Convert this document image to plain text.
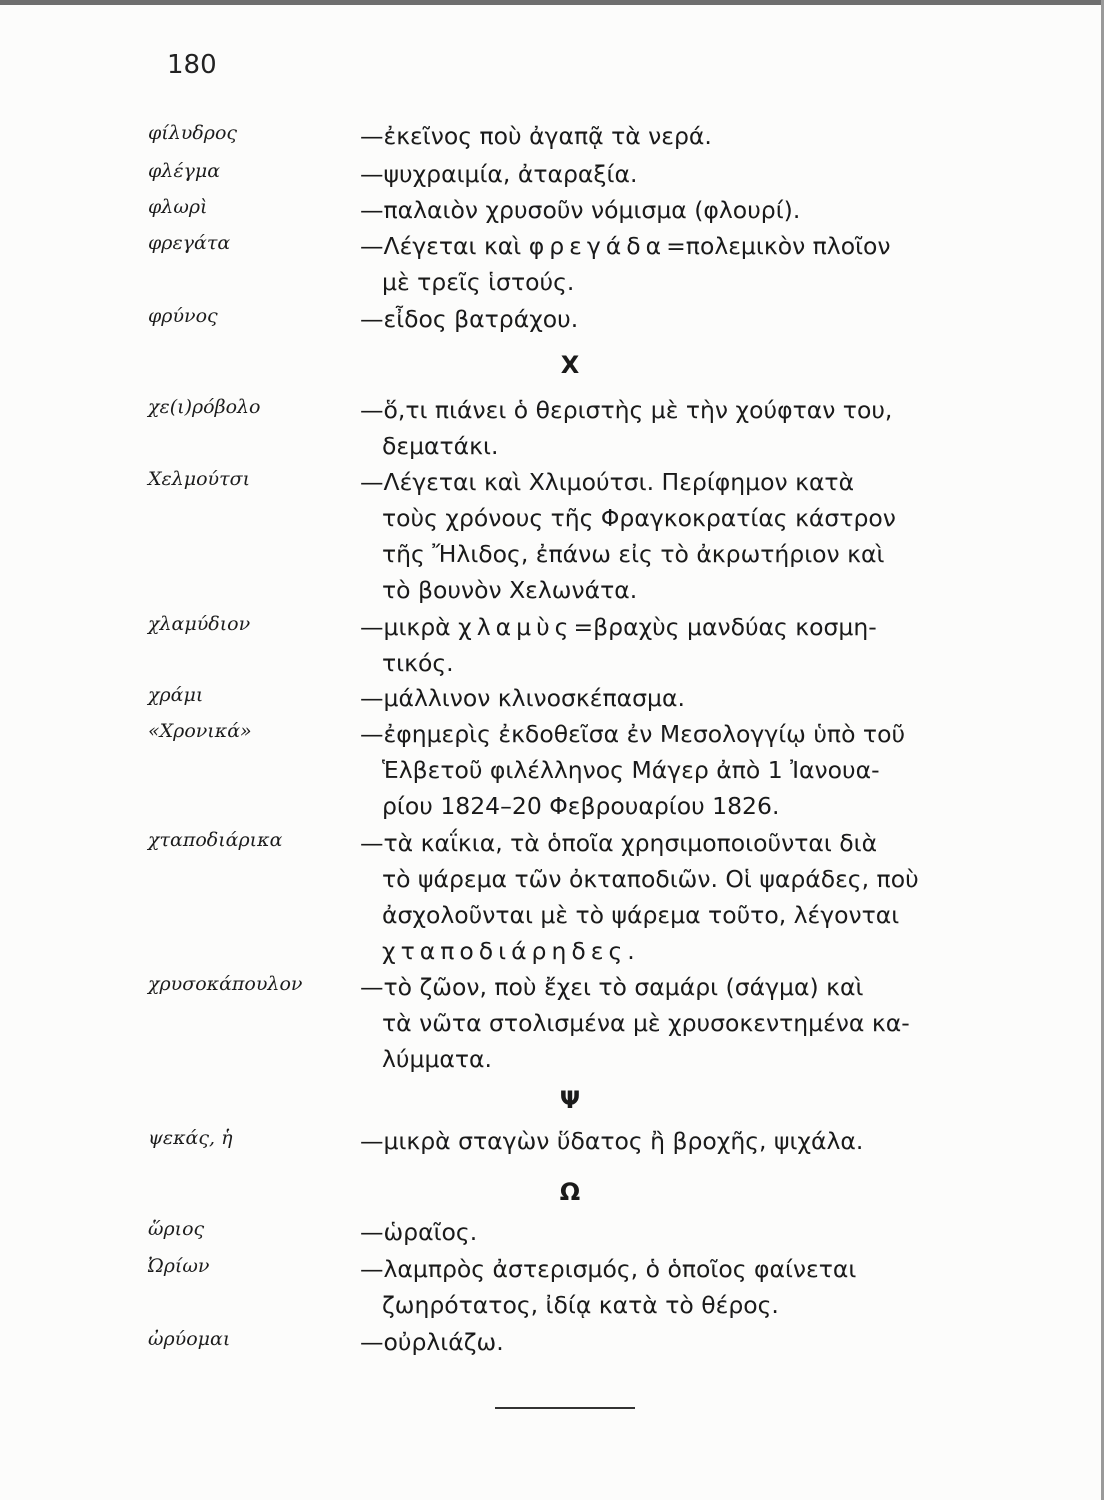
180
φίλυδρος	—ἐκεῖνος ποὺ ἀγαπᾷ τὰ νερά.
φλέγμα	—ψυχραιμία, ἀταραξία.
φλωρὶ	—παλαιὸν χρυσοῦν νόμισμα (φλουρί).
φρεγάτα	—Λέγεται καὶ φρεγάδα=πολεμικὸν πλοῖον
μὲ τρεῖς ἱστούς.
φρύνος	—εἶδος βατράχου.
X
χε(ι)ρόβολο	—ὅ,τι πιάνει ὁ θεριστὴς μὲ τὴν χούφταν του,
δεματάκι.
Χελμούτσι	—Λέγεται καὶ Χλιμούτσι. Περίφημον κατὰ
τοὺς χρόνους τῆς Φραγκοκρατίας κάστρον
τῆς Ἤλιδος, ἐπάνω εἰς τὸ ἀκρωτήριον καὶ
τὸ βουνὸν Χελωνάτα.
χλαμύδιον	—μικρὰ χλαμὺς=βραχὺς μανδύας κοσμη-
τικός.
χράμι	—μάλλινον κλινοσκέπασμα.
«Χρονικά»	—ἐφημερὶς ἐκδοθεῖσα ἐν Μεσολογγίῳ ὑπὸ τοῦ
Ἑλβετοῦ φιλέλληνος Μάγερ ἀπὸ 1 Ἰανουα-
ρίου 1824–20 Φεβρουαρίου 1826.
χταποδιάρικα	—τὰ καΐκια, τὰ ὁποῖα χρησιμοποιοῦνται διὰ
τὸ ψάρεμα τῶν ὀκταποδιῶν. Οἱ ψαράδες, ποὺ
ἀσχολοῦνται μὲ τὸ ψάρεμα τοῦτο, λέγονται
χταποδιάρηδες.
χρυσοκάπουλον	—τὸ ζῶον, ποὺ ἔχει τὸ σαμάρι (σάγμα) καὶ
τὰ νῶτα στολισμένα μὲ χρυσοκεντημένα κα-
λύμματα.
Ψ
ψεκάς, ἡ	—μικρὰ σταγὼν ὕδατος ἢ βροχῆς, ψιχάλα.
Ω
ὥριος	—ὡραῖος.
Ὠρίων	—λαμπρὸς ἀστερισμός, ὁ ὁποῖος φαίνεται
ζωηρότατος, ἰδίᾳ κατὰ τὸ θέρος.
ὠρύομαι	—οὐρλιάζω.
